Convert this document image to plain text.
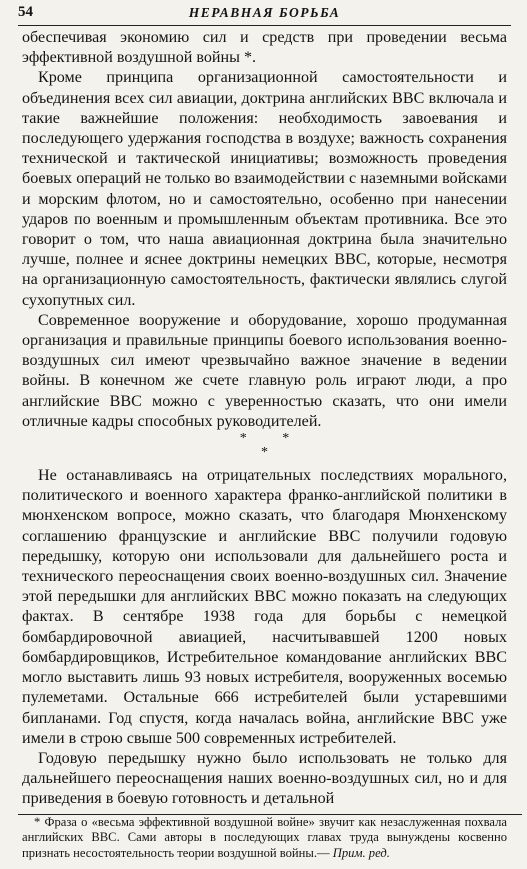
54	НЕРАВНАЯ БОРЬБА

обеспечивая экономию сил и средств при проведении весьма эффективной воздушной войны *.

Кроме принципа организационной самостоятельности и объединения всех сил авиации, доктрина английских ВВС включала и такие важнейшие положения: необходимость завоевания и последующего удержания господства в воздухе; важность сохранения технической и тактической инициативы; возможность проведения боевых операций не только во взаимодействии с наземными войсками и морским флотом, но и самостоятельно, особенно при нанесении ударов по военным и промышленным объектам противника. Все это говорит о том, что наша авиационная доктрина была значительно лучше, полнее и яснее доктрины немецких ВВС, которые, несмотря на организационную самостоятельность, фактически являлись слугой сухопутных сил.

Современное вооружение и оборудование, хорошо продуманная организация и правильные принципы боевого использования военно-воздушных сил имеют чрезвычайно важное значение в ведении войны. В конечном же счете главную роль играют люди, а про английские ВВС можно с уверенностью сказать, что они имели отличные кадры способных руководителей.

* *
*

Не останавливаясь на отрицательных последствиях морального, политического и военного характера франко-английской политики в мюнхенском вопросе, можно сказать, что благодаря Мюнхенскому соглашению французские и английские ВВС получили годовую передышку, которую они использовали для дальнейшего роста и технического переоснащения своих военно-воздушных сил. Значение этой передышки для английских ВВС можно показать на следующих фактах. В сентябре 1938 года для борьбы с немецкой бомбардировочной авиацией, насчитывавшей 1200 новых бомбардировщиков, Истребительное командование английских ВВС могло выставить лишь 93 новых истребителя, вооруженных восемью пулеметами. Остальные 666 истребителей были устаревшими бипланами. Год спустя, когда началась война, английские ВВС уже имели в строю свыше 500 современных истребителей.

Годовую передышку нужно было использовать не только для дальнейшего переоснащения наших военно-воздушных сил, но и для приведения в боевую готовность и детальной

* Фраза о «весьма эффективной воздушной войне» звучит как незаслуженная похвала английских ВВС. Сами авторы в последующих главах труда вынуждены косвенно признать несостоятельность теории воздушной войны.— Прим. ред.
